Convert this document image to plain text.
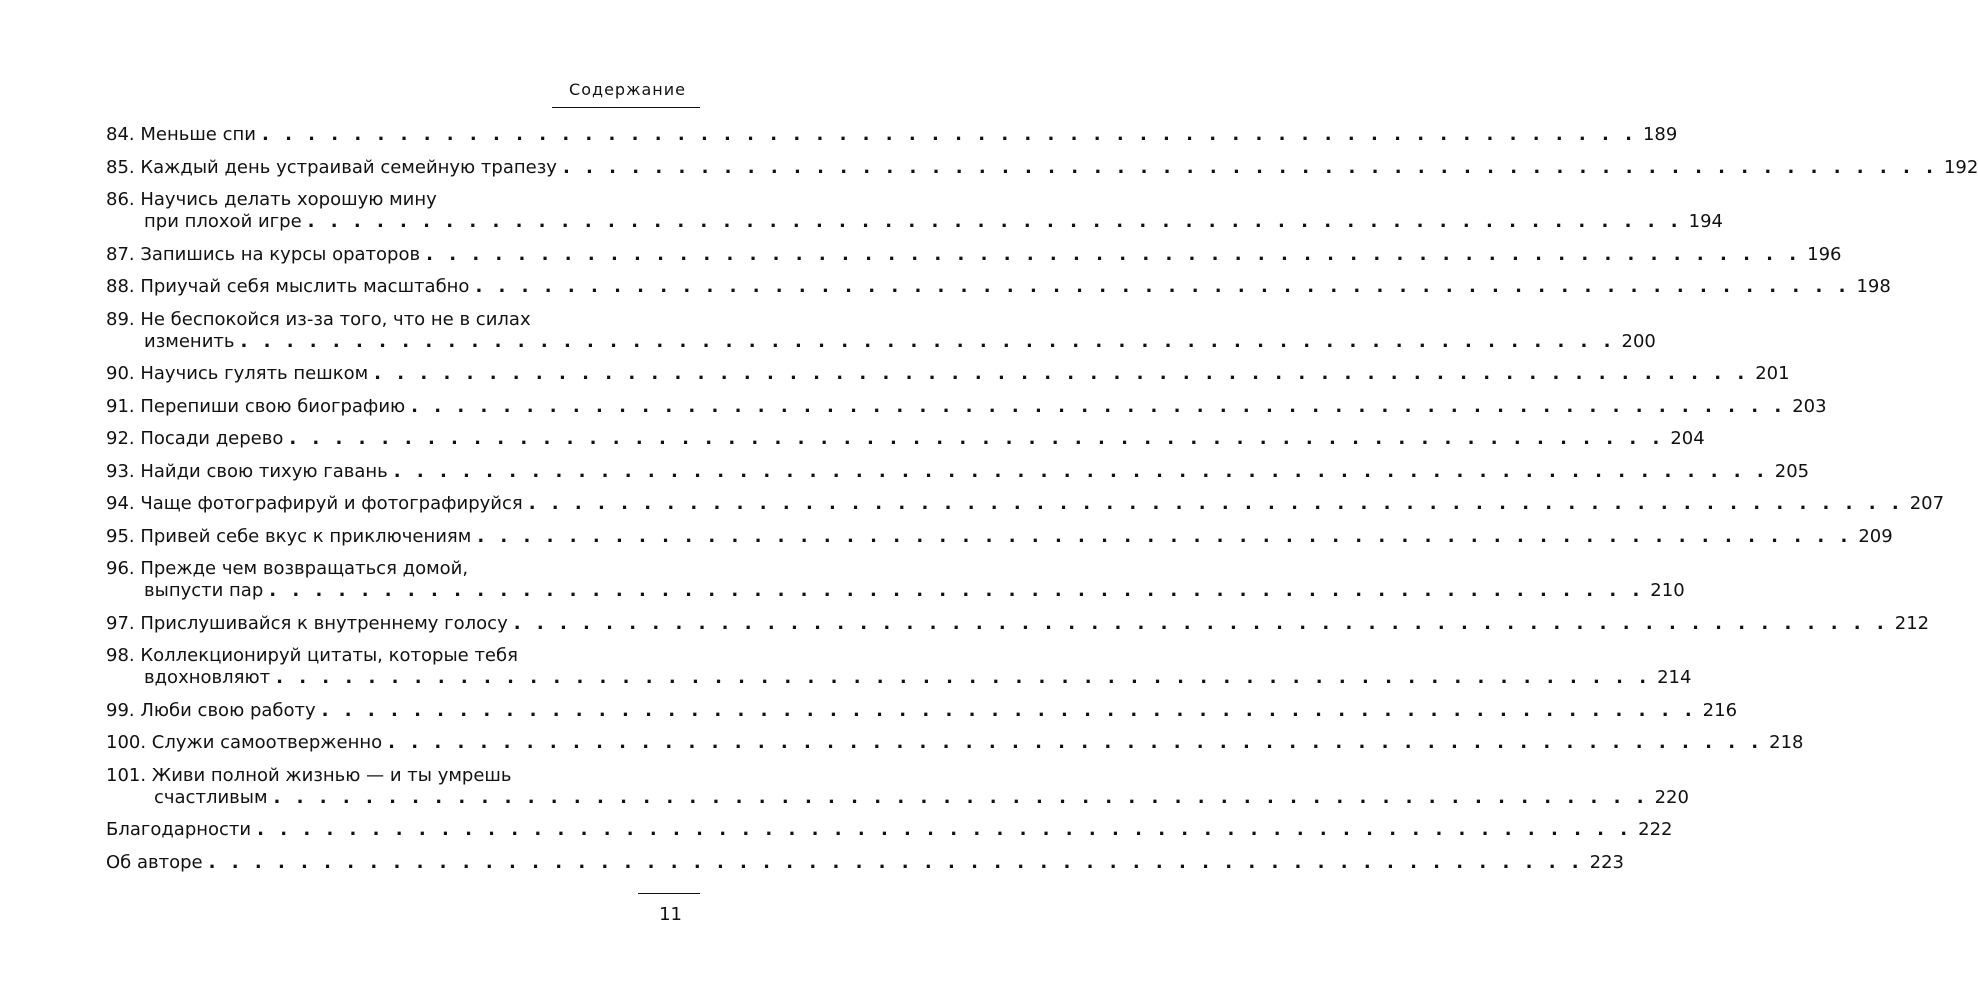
Содержание
84. Меньше спи . . . . . . . . . . . . . . . . . . . . . . . . . . . . . . . . . . . . . . . . . . . . . . . . . . . . . . . . . . . . 189
85. Каждый день устраивай семейную трапезу . . . . . . . . . . . . . . . . . . . . . . . . . . . . . . . . . . . . . . . . . . . . . . . . . . . . . . . . . . . . 192
86. Научись делать хорошую мину
при плохой игре . . . . . . . . . . . . . . . . . . . . . . . . . . . . . . . . . . . . . . . . . . . . . . . . . . . . . . . . . . . . 194
87. Запишись на курсы ораторов . . . . . . . . . . . . . . . . . . . . . . . . . . . . . . . . . . . . . . . . . . . . . . . . . . . . . . . . . . . . 196
88. Приучай себя мыслить масштабно . . . . . . . . . . . . . . . . . . . . . . . . . . . . . . . . . . . . . . . . . . . . . . . . . . . . . . . . . . . . 198
89. Не беспокойся из-за того, что не в силах
изменить . . . . . . . . . . . . . . . . . . . . . . . . . . . . . . . . . . . . . . . . . . . . . . . . . . . . . . . . . . . . 200
90. Научись гулять пешком . . . . . . . . . . . . . . . . . . . . . . . . . . . . . . . . . . . . . . . . . . . . . . . . . . . . . . . . . . . . 201
91. Перепиши свою биографию . . . . . . . . . . . . . . . . . . . . . . . . . . . . . . . . . . . . . . . . . . . . . . . . . . . . . . . . . . . . 203
92. Посади дерево . . . . . . . . . . . . . . . . . . . . . . . . . . . . . . . . . . . . . . . . . . . . . . . . . . . . . . . . . . . . 204
93. Найди свою тихую гавань . . . . . . . . . . . . . . . . . . . . . . . . . . . . . . . . . . . . . . . . . . . . . . . . . . . . . . . . . . . . 205
94. Чаще фотографируй и фотографируйся . . . . . . . . . . . . . . . . . . . . . . . . . . . . . . . . . . . . . . . . . . . . . . . . . . . . . . . . . . . . 207
95. Привей себе вкус к приключениям . . . . . . . . . . . . . . . . . . . . . . . . . . . . . . . . . . . . . . . . . . . . . . . . . . . . . . . . . . . . 209
96. Прежде чем возвращаться домой,
выпусти пар . . . . . . . . . . . . . . . . . . . . . . . . . . . . . . . . . . . . . . . . . . . . . . . . . . . . . . . . . . . . 210
97. Прислушивайся к внутреннему голосу . . . . . . . . . . . . . . . . . . . . . . . . . . . . . . . . . . . . . . . . . . . . . . . . . . . . . . . . . . . . 212
98. Коллекционируй цитаты, которые тебя
вдохновляют . . . . . . . . . . . . . . . . . . . . . . . . . . . . . . . . . . . . . . . . . . . . . . . . . . . . . . . . . . . . 214
99. Люби свою работу . . . . . . . . . . . . . . . . . . . . . . . . . . . . . . . . . . . . . . . . . . . . . . . . . . . . . . . . . . . . 216
100. Служи самоотверженно . . . . . . . . . . . . . . . . . . . . . . . . . . . . . . . . . . . . . . . . . . . . . . . . . . . . . . . . . . . . 218
101. Живи полной жизнью — и ты умрешь
счастливым . . . . . . . . . . . . . . . . . . . . . . . . . . . . . . . . . . . . . . . . . . . . . . . . . . . . . . . . . . . . 220
Благодарности . . . . . . . . . . . . . . . . . . . . . . . . . . . . . . . . . . . . . . . . . . . . . . . . . . . . . . . . . . . . 222
Об авторе . . . . . . . . . . . . . . . . . . . . . . . . . . . . . . . . . . . . . . . . . . . . . . . . . . . . . . . . . . . . 223
11
